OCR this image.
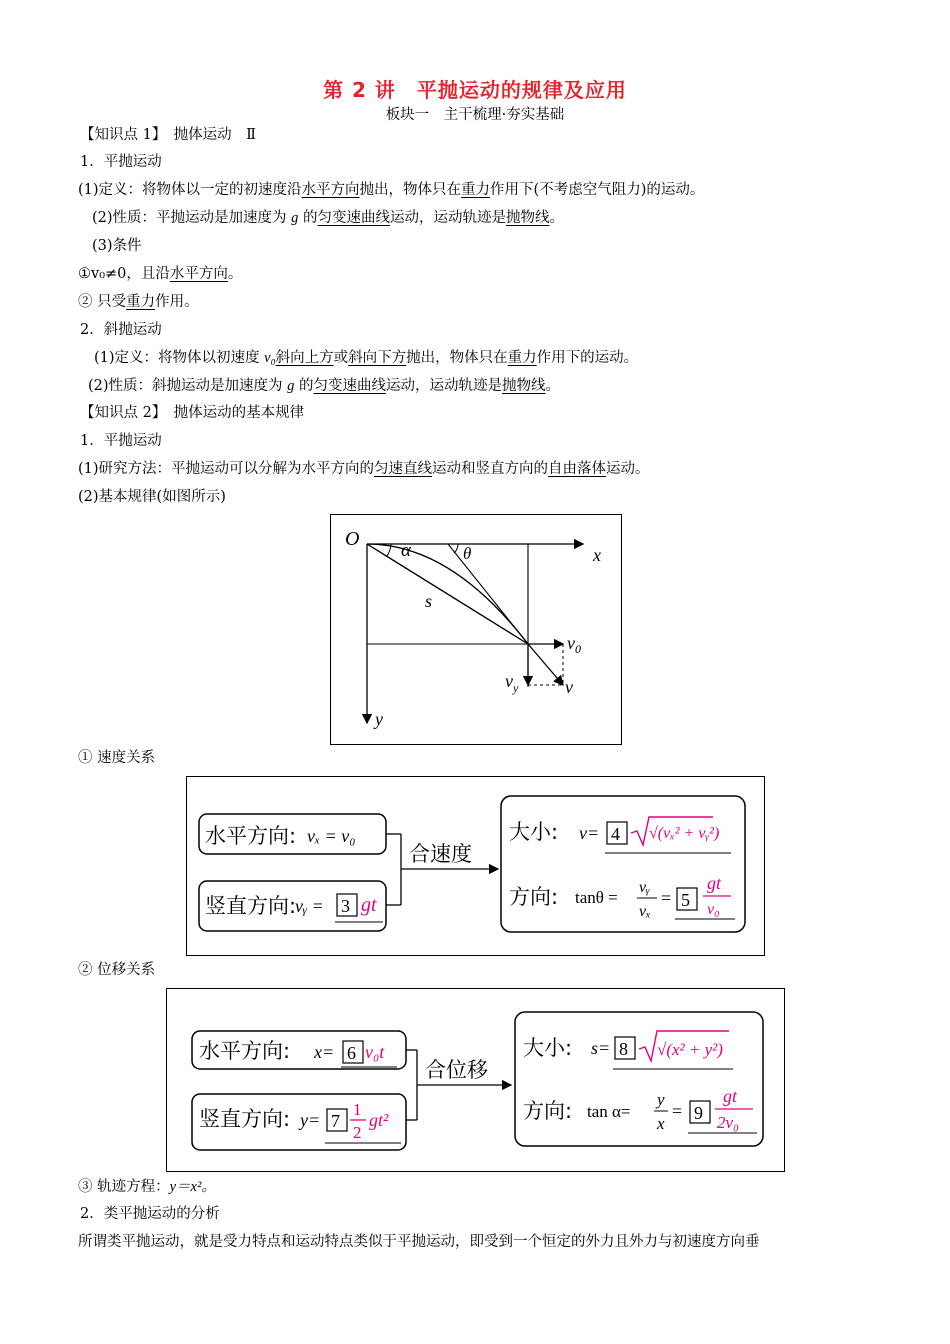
第 2 讲　平抛运动的规律及应用
板块一　主干梳理·夯实基础
【知识点 1】　抛体运动　Ⅱ
1．平抛运动
(1)定义：将物体以一定的初速度沿水平方向抛出，物体只在重力作用下(不考虑空气阻力)的运动。
(2)性质：平抛运动是加速度为 g 的匀变速曲线运动，运动轨迹是抛物线。
(3)条件
①v₀≠0，且沿水平方向。
② 只受重力作用。
2．斜抛运动
(1)定义：将物体以初速度 v₀斜向上方或斜向下方抛出，物体只在重力作用下的运动。
(2)性质：斜抛运动是加速度为 g 的匀变速曲线运动，运动轨迹是抛物线。
【知识点 2】　抛体运动的基本规律
1．平抛运动
(1)研究方法：平抛运动可以分解为水平方向的匀速直线运动和竖直方向的自由落体运动。
(2)基本规律(如图所示)
O
x
y
α	θ
s
$v_0$
$v_y$	v
① 速度关系
水平方向: vₓ = v₀
竖直方向:
vᵧ = 3 gt
合速度
大小: v= 4 √(vₓ² + vᵧ²)
方向: tanθ =
vᵧ
vₓ
= 5
gt
v₀
② 位移关系
水平方向: x= 6 v₀t
竖直方向: y= 7
1
2
gt²
合位移
大小: s= 8 √(x² + y²)
方向: tan α=
y
x
= 9
gt
2v₀
③ 轨迹方程：y＝x²。
2．类平抛运动的分析
所谓类平抛运动，就是受力特点和运动特点类似于平抛运动，即受到一个恒定的外力且外力与初速度方向垂
